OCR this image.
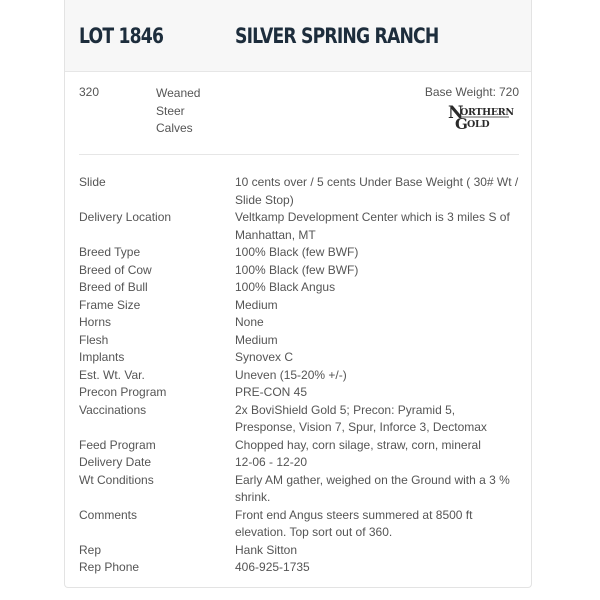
LOT 1846	SILVER SPRING RANCH
320	Weaned
Steer
Calves
Base Weight: 720
N
ORTHERN
G OLD
Slide	10 cents over / 5 cents Under Base Weight ( 30# Wt / Slide Stop)
Delivery Location	Veltkamp Development Center which is 3 miles S of Manhattan, MT
Breed Type	100% Black (few BWF)
Breed of Cow	100% Black (few BWF)
Breed of Bull	100% Black Angus
Frame Size	Medium
Horns	None
Flesh	Medium
Implants	Synovex C
Est. Wt. Var.	Uneven (15-20% +/-)
Precon Program	PRE-CON 45
Vaccinations	2x BoviShield Gold 5; Precon: Pyramid 5, Presponse, Vision 7, Spur, Inforce 3, Dectomax
Feed Program	Chopped hay, corn silage, straw, corn, mineral
Delivery Date	12-06 - 12-20
Wt Conditions	Early AM gather, weighed on the Ground with a 3 % shrink.
Comments	Front end Angus steers summered at 8500 ft elevation. Top sort out of 360.
Rep	Hank Sitton
Rep Phone	406-925-1735
